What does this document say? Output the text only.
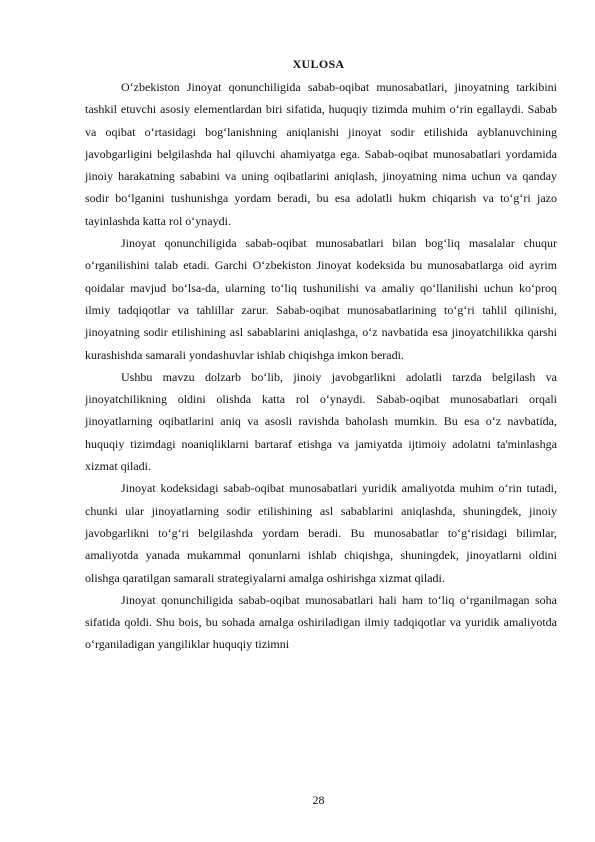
XULOSA

O‘zbekiston Jinoyat qonunchiligida sabab-oqibat munosabatlari, jinoyatning tarkibini tashkil etuvchi asosiy elementlardan biri sifatida, huquqiy tizimda muhim o‘rin egallaydi. Sabab va oqibat o‘rtasidagi bog‘lanishning aniqlanishi jinoyat sodir etilishida ayblanuvchining javobgarligini belgilashda hal qiluvchi ahamiyatga ega. Sabab-oqibat munosabatlari yordamida jinoiy harakatning sababini va uning oqibatlarini aniqlash, jinoyatning nima uchun va qanday sodir bo‘lganini tushunishga yordam beradi, bu esa adolatli hukm chiqarish va to‘g‘ri jazo tayinlashda katta rol o‘ynaydi.

Jinoyat qonunchiligida sabab-oqibat munosabatlari bilan bog‘liq masalalar chuqur o‘rganilishini talab etadi. Garchi O‘zbekiston Jinoyat kodeksida bu munosabatlarga oid ayrim qoidalar mavjud bo‘lsa-da, ularning to‘liq tushunilishi va amaliy qo‘llanilishi uchun ko‘proq ilmiy tadqiqotlar va tahlillar zarur. Sabab-oqibat munosabatlarining to‘g‘ri tahlil qilinishi, jinoyatning sodir etilishining asl sabablarini aniqlashga, o‘z navbatida esa jinoyatchilikka qarshi kurashishda samarali yondashuvlar ishlab chiqishga imkon beradi.

Ushbu mavzu dolzarb bo‘lib, jinoiy javobgarlikni adolatli tarzda belgilash va jinoyatchilikning oldini olishda katta rol o‘ynaydi. Sabab-oqibat munosabatlari orqali jinoyatlarning oqibatlarini aniq va asosli ravishda baholash mumkin. Bu esa o‘z navbatida, huquqiy tizimdagi noaniqliklarni bartaraf etishga va jamiyatda ijtimoiy adolatni ta'minlashga xizmat qiladi.

Jinoyat kodeksidagi sabab-oqibat munosabatlari yuridik amaliyotda muhim o‘rin tutadi, chunki ular jinoyatlarning sodir etilishining asl sabablarini aniqlashda, shuningdek, jinoiy javobgarlikni to‘g‘ri belgilashda yordam beradi. Bu munosabatlar to‘g‘risidagi bilimlar, amaliyotda yanada mukammal qonunlarni ishlab chiqishga, shuningdek, jinoyatlarni oldini olishga qaratilgan samarali strategiyalarni amalga oshirishga xizmat qiladi.

Jinoyat qonunchiligida sabab-oqibat munosabatlari hali ham to‘liq o‘rganilmagan soha sifatida qoldi. Shu bois, bu sohada amalga oshiriladigan ilmiy tadqiqotlar va yuridik amaliyotda o‘rganiladigan yangiliklar huquqiy tizimni

28
